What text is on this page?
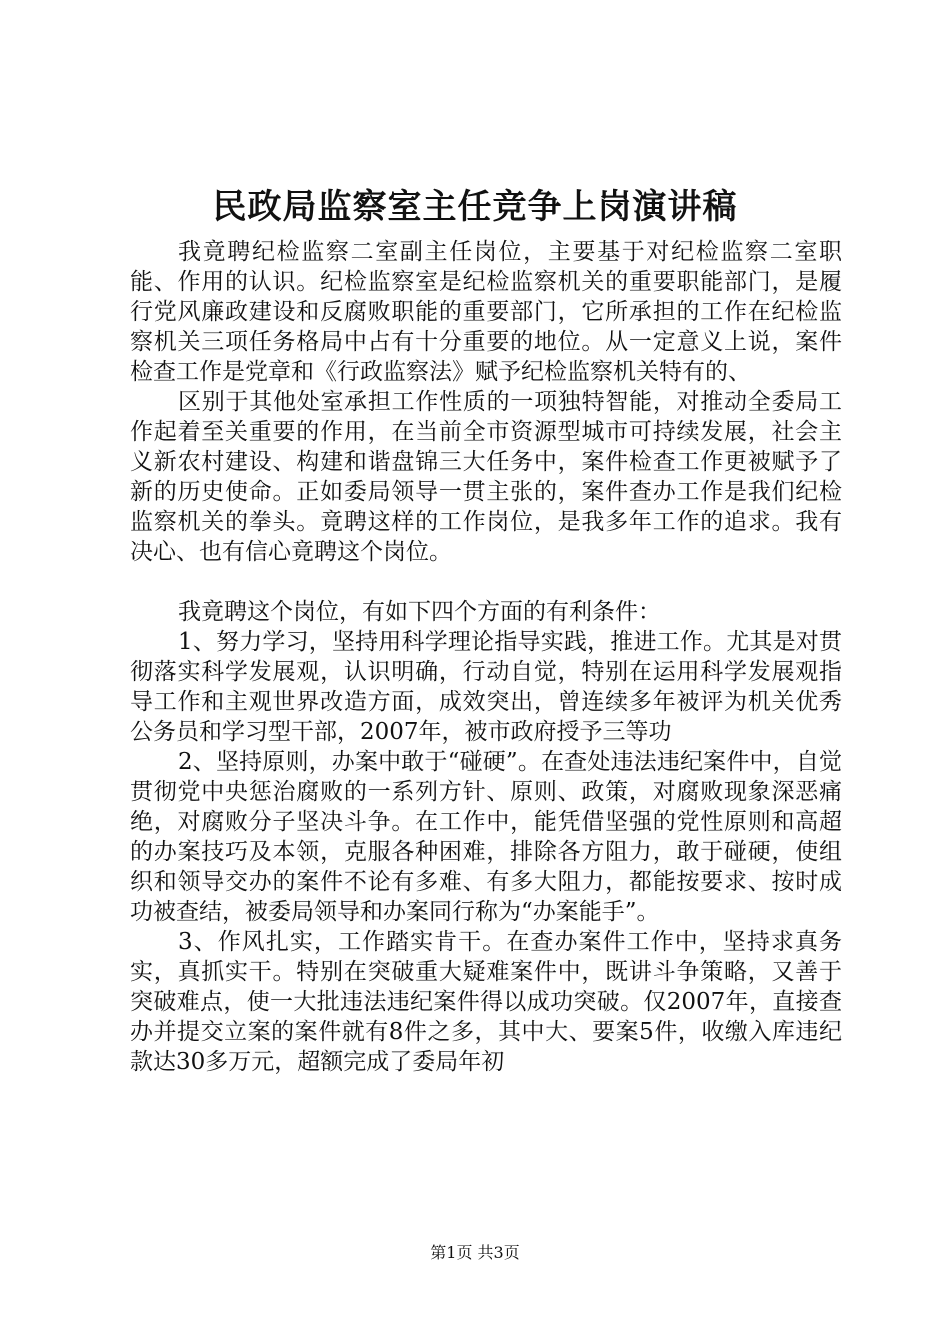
民政局监察室主任竞争上岗演讲稿

我竟聘纪检监察二室副主任岗位，主要基于对纪检监察二室职能、作用的认识。纪检监察室是纪检监察机关的重要职能部门，是履行党风廉政建设和反腐败职能的重要部门，它所承担的工作在纪检监察机关三项任务格局中占有十分重要的地位。从一定意义上说，案件检查工作是党章和《行政监察法》赋予纪检监察机关特有的、

区别于其他处室承担工作性质的一项独特智能，对推动全委局工作起着至关重要的作用，在当前全市资源型城市可持续发展，社会主义新农村建设、构建和谐盘锦三大任务中，案件检查工作更被赋予了新的历史使命。正如委局领导一贯主张的，案件查办工作是我们纪检监察机关的拳头。竟聘这样的工作岗位，是我多年工作的追求。我有决心、也有信心竟聘这个岗位。

我竟聘这个岗位，有如下四个方面的有利条件：

1、努力学习，坚持用科学理论指导实践，推进工作。尤其是对贯彻落实科学发展观，认识明确，行动自觉，特别在运用科学发展观指导工作和主观世界改造方面，成效突出，曾连续多年被评为机关优秀公务员和学习型干部，2007年，被市政府授予三等功

2、坚持原则，办案中敢于“碰硬”。在查处违法违纪案件中，自觉贯彻党中央惩治腐败的一系列方针、原则、政策，对腐败现象深恶痛绝，对腐败分子坚决斗争。在工作中，能凭借坚强的党性原则和高超的办案技巧及本领，克服各种困难，排除各方阻力，敢于碰硬，使组织和领导交办的案件不论有多难、有多大阻力，都能按要求、按时成功被查结，被委局领导和办案同行称为“办案能手”。

3、作风扎实，工作踏实肯干。在查办案件工作中，坚持求真务实，真抓实干。特别在突破重大疑难案件中，既讲斗争策略，又善于突破难点，使一大批违法违纪案件得以成功突破。仅2007年，直接查办并提交立案的案件就有8件之多，其中大、要案5件，收缴入库违纪款达30多万元，超额完成了委局年初

第1页 共3页
